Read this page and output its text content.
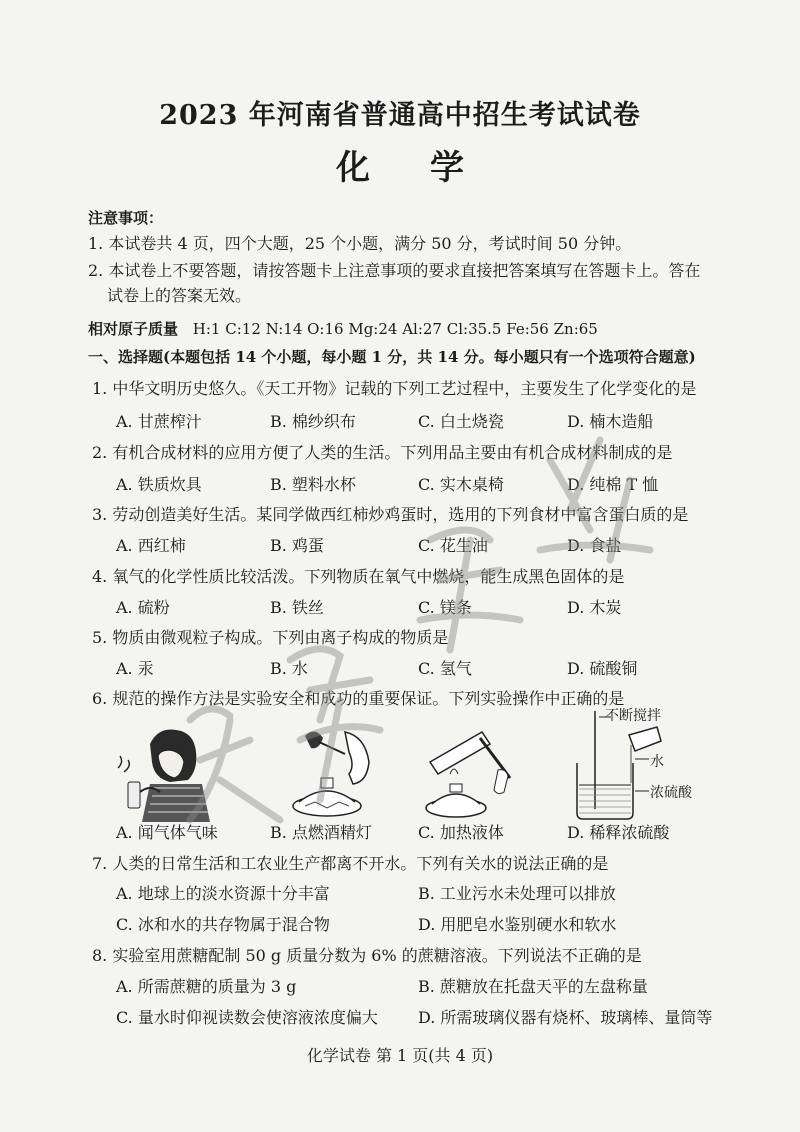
2023 年河南省普通高中招生考试试卷
化学
注意事项：
1. 本试卷共 4 页，四个大题，25 个小题，满分 50 分，考试时间 50 分钟。
2. 本试卷上不要答题，请按答题卡上注意事项的要求直接把答案填写在答题卡上。答在
试卷上的答案无效。
相对原子质量 H:1 C:12 N:14 O:16 Mg:24 Al:27 Cl:35.5 Fe:56 Zn:65
一、选择题(本题包括 14 个小题，每小题 1 分，共 14 分。每小题只有一个选项符合题意)
1. 中华文明历史悠久。《天工开物》记载的下列工艺过程中，主要发生了化学变化的是
A. 甘蔗榨汁	B. 棉纱织布	C. 白土烧瓷	D. 楠木造船
2. 有机合成材料的应用方便了人类的生活。下列用品主要由有机合成材料制成的是
A. 铁质炊具	B. 塑料水杯	C. 实木桌椅	D. 纯棉 T 恤
3. 劳动创造美好生活。某同学做西红柿炒鸡蛋时，选用的下列食材中富含蛋白质的是
A. 西红柿	B. 鸡蛋	C. 花生油	D. 食盐
4. 氧气的化学性质比较活泼。下列物质在氧气中燃烧，能生成黑色固体的是
A. 硫粉	B. 铁丝	C. 镁条	D. 木炭
5. 物质由微观粒子构成。下列由离子构成的物质是
A. 汞	B. 水	C. 氢气	D. 硫酸铜
6. 规范的操作方法是实验安全和成功的重要保证。下列实验操作中正确的是
不断搅拌
水
浓硫酸
A. 闻气体气味	B. 点燃酒精灯	C. 加热液体	D. 稀释浓硫酸
7. 人类的日常生活和工农业生产都离不开水。下列有关水的说法正确的是
A. 地球上的淡水资源十分丰富	B. 工业污水未处理可以排放
C. 冰和水的共存物属于混合物	D. 用肥皂水鉴别硬水和软水
8. 实验室用蔗糖配制 50 g 质量分数为 6% 的蔗糖溶液。下列说法不正确的是
A. 所需蔗糖的质量为 3 g	B. 蔗糖放在托盘天平的左盘称量
C. 量水时仰视读数会使溶液浓度偏大	D. 所需玻璃仪器有烧杯、玻璃棒、量筒等
化学试卷 第 1 页(共 4 页)
